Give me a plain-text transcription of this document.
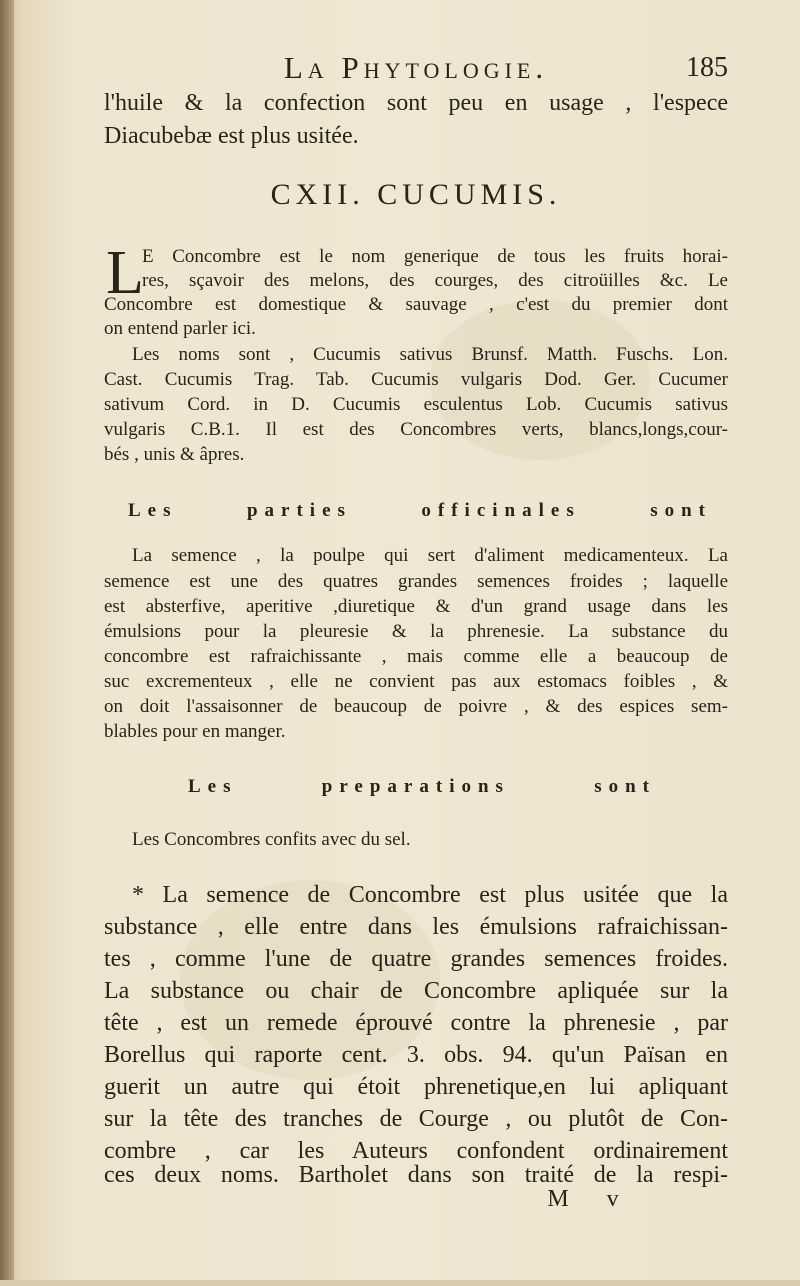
La Phytologie.	185
l'huile & la confection sont peu en usage , l'espece
Diacubebæ est plus usitée.
CXII. CUCUMIS.
L
E Concombre est le nom generique de tous les fruits horai-
res, sçavoir des melons, des courges, des citroüilles &c. Le
Concombre est domestique & sauvage , c'est du premier dont
on entend parler ici.
Les noms sont , Cucumis sativus Brunsf. Matth. Fuschs. Lon.
Cast. Cucumis Trag. Tab. Cucumis vulgaris Dod. Ger. Cucumer
sativum Cord. in D. Cucumis esculentus Lob. Cucumis sativus
vulgaris C.B.1. Il est des Concombres verts, blancs,longs,cour-
bés , unis & âpres.
Les parties officinales sont
La semence , la poulpe qui sert d'aliment medicamenteux. La
semence est une des quatres grandes semences froides ; laquelle
est absterfive, aperitive ,diuretique & d'un grand usage dans les
émulsions pour la pleuresie & la phrenesie. La substance du
concombre est rafraichissante , mais comme elle a beaucoup de
suc excrementeux , elle ne convient pas aux estomacs foibles , &
on doit l'assaisonner de beaucoup de poivre , & des espices sem-
blables pour en manger.
Les preparations sont
Les Concombres confits avec du sel.
* La semence de Concombre est plus usitée que la
substance , elle entre dans les émulsions rafraichissan-
tes , comme l'une de quatre grandes semences froides.
La substance ou chair de Concombre apliquée sur la
tête , est un remede éprouvé contre la phrenesie , par
Borellus qui raporte cent. 3. obs. 94. qu'un Païsan en
guerit un autre qui étoit phrenetique,en lui apliquant
sur la tête des tranches de Courge , ou plutôt de Con-
combre , car les Auteurs confondent ordinairement
ces deux noms. Bartholet dans son traité de la respi-
M v
